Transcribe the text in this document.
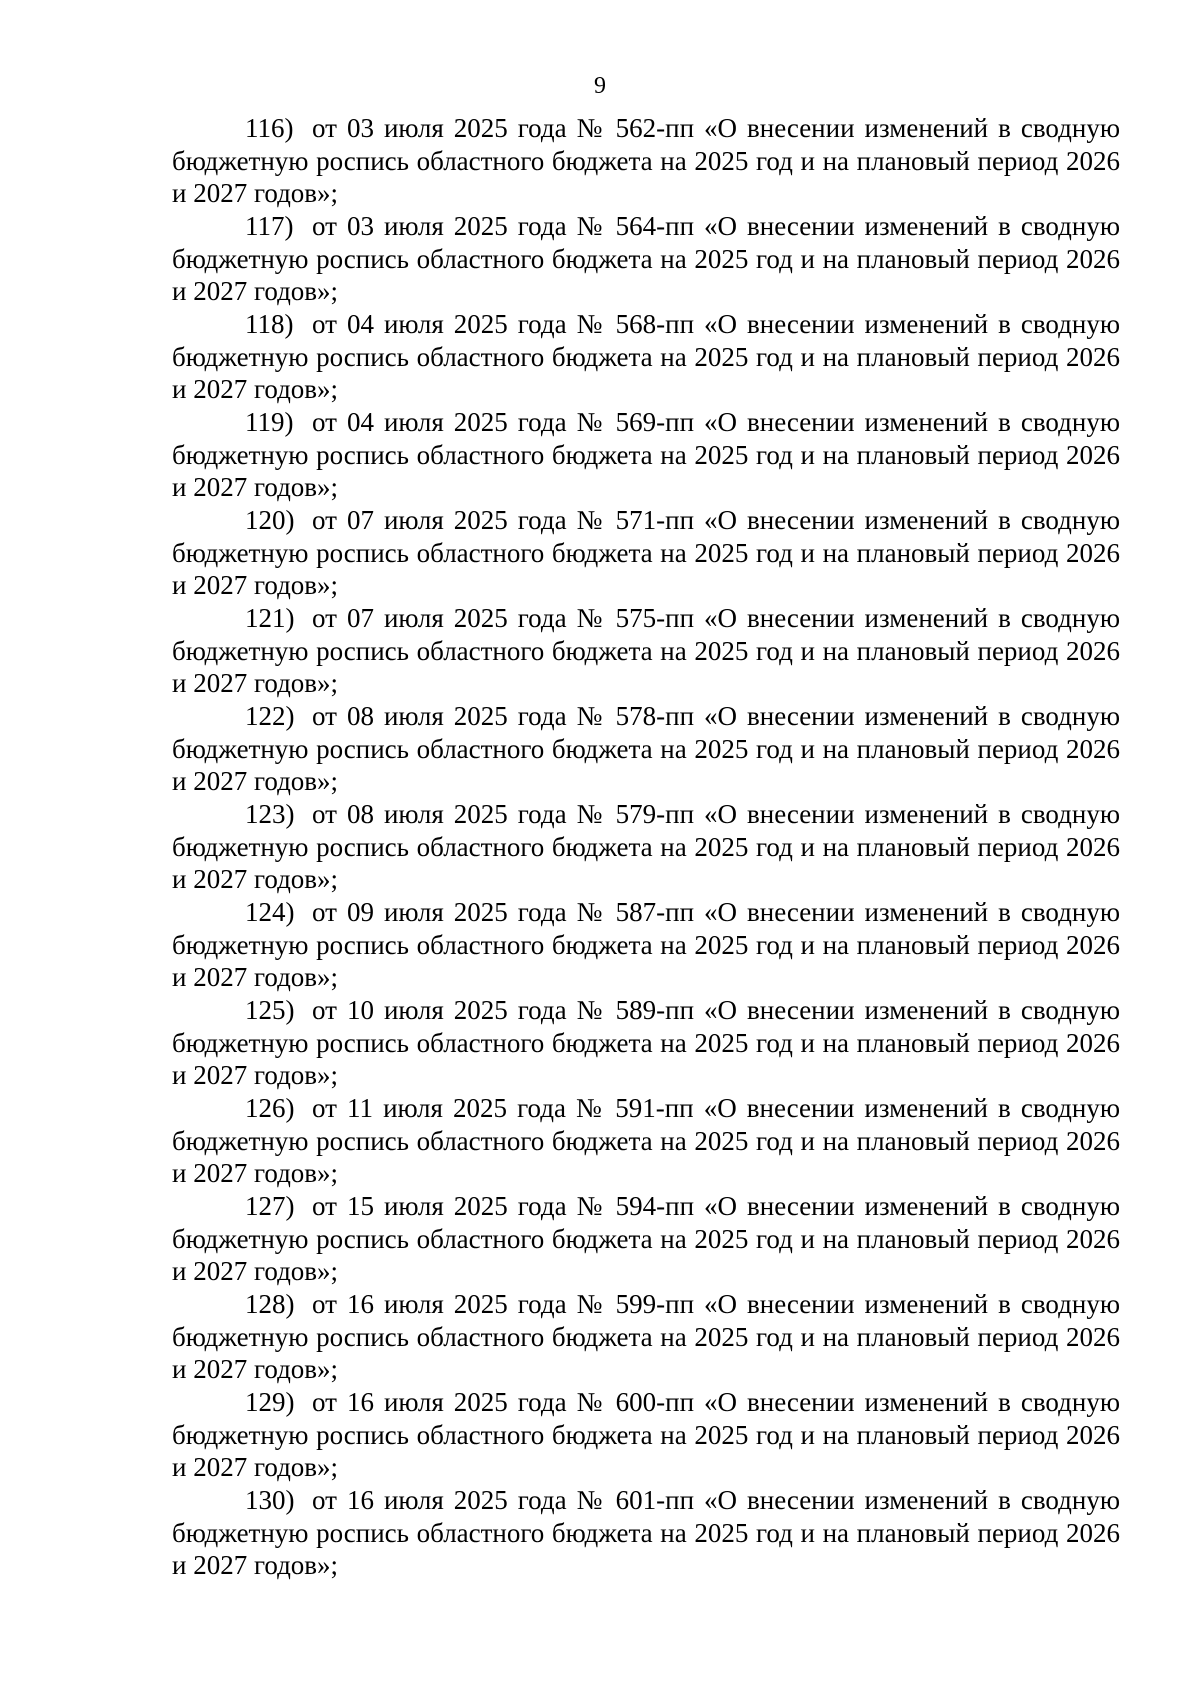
9

116) от 03 июля 2025 года № 562-пп «О внесении изменений в сводную бюджетную роспись областного бюджета на 2025 год и на плановый период 2026 и 2027 годов»;

117) от 03 июля 2025 года № 564-пп «О внесении изменений в сводную бюджетную роспись областного бюджета на 2025 год и на плановый период 2026 и 2027 годов»;

118) от 04 июля 2025 года № 568-пп «О внесении изменений в сводную бюджетную роспись областного бюджета на 2025 год и на плановый период 2026 и 2027 годов»;

119) от 04 июля 2025 года № 569-пп «О внесении изменений в сводную бюджетную роспись областного бюджета на 2025 год и на плановый период 2026 и 2027 годов»;

120) от 07 июля 2025 года № 571-пп «О внесении изменений в сводную бюджетную роспись областного бюджета на 2025 год и на плановый период 2026 и 2027 годов»;

121) от 07 июля 2025 года № 575-пп «О внесении изменений в сводную бюджетную роспись областного бюджета на 2025 год и на плановый период 2026 и 2027 годов»;

122) от 08 июля 2025 года № 578-пп «О внесении изменений в сводную бюджетную роспись областного бюджета на 2025 год и на плановый период 2026 и 2027 годов»;

123) от 08 июля 2025 года № 579-пп «О внесении изменений в сводную бюджетную роспись областного бюджета на 2025 год и на плановый период 2026 и 2027 годов»;

124) от 09 июля 2025 года № 587-пп «О внесении изменений в сводную бюджетную роспись областного бюджета на 2025 год и на плановый период 2026 и 2027 годов»;

125) от 10 июля 2025 года № 589-пп «О внесении изменений в сводную бюджетную роспись областного бюджета на 2025 год и на плановый период 2026 и 2027 годов»;

126) от 11 июля 2025 года № 591-пп «О внесении изменений в сводную бюджетную роспись областного бюджета на 2025 год и на плановый период 2026 и 2027 годов»;

127) от 15 июля 2025 года № 594-пп «О внесении изменений в сводную бюджетную роспись областного бюджета на 2025 год и на плановый период 2026 и 2027 годов»;

128) от 16 июля 2025 года № 599-пп «О внесении изменений в сводную бюджетную роспись областного бюджета на 2025 год и на плановый период 2026 и 2027 годов»;

129) от 16 июля 2025 года № 600-пп «О внесении изменений в сводную бюджетную роспись областного бюджета на 2025 год и на плановый период 2026 и 2027 годов»;

130) от 16 июля 2025 года № 601-пп «О внесении изменений в сводную бюджетную роспись областного бюджета на 2025 год и на плановый период 2026 и 2027 годов»;
